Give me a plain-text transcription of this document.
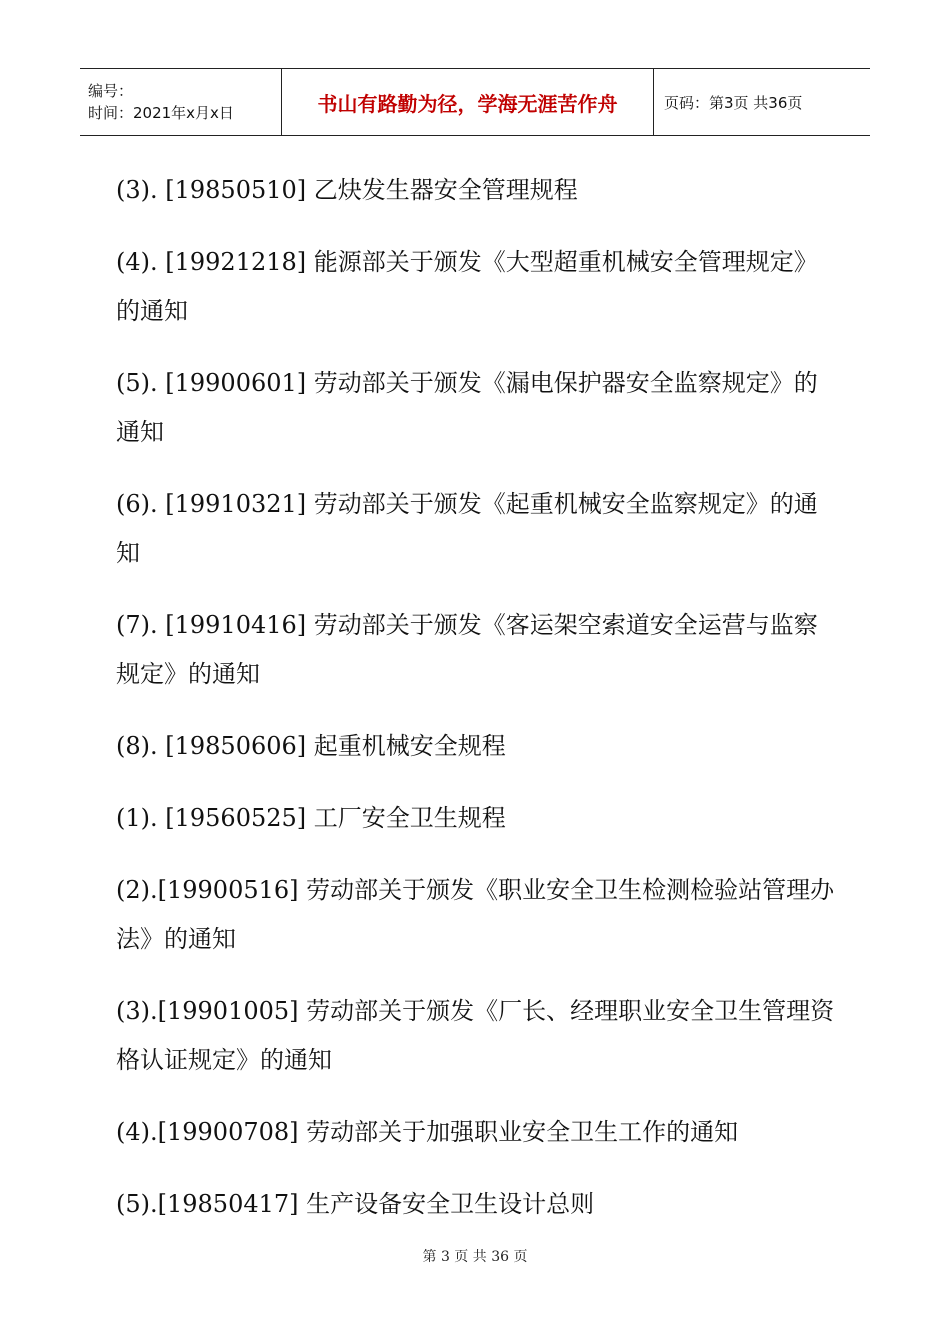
编号：
时间：2021年x月x日	书山有路勤为径，学海无涯苦作舟	页码：第3页 共36页
(3). [19850510] 乙炔发生器安全管理规程
(4). [19921218] 能源部关于颁发《大型超重机械安全管理规定》的通知
(5). [19900601] 劳动部关于颁发《漏电保护器安全监察规定》的通知
(6). [19910321] 劳动部关于颁发《起重机械安全监察规定》的通知
(7). [19910416] 劳动部关于颁发《客运架空索道安全运营与监察规定》的通知
(8). [19850606] 起重机械安全规程
(1). [19560525] 工厂安全卫生规程
(2).[19900516] 劳动部关于颁发《职业安全卫生检测检验站管理办法》的通知
(3).[19901005] 劳动部关于颁发《厂长、经理职业安全卫生管理资格认证规定》的通知
(4).[19900708] 劳动部关于加强职业安全卫生工作的通知
(5).[19850417] 生产设备安全卫生设计总则
第 3 页 共 36 页
